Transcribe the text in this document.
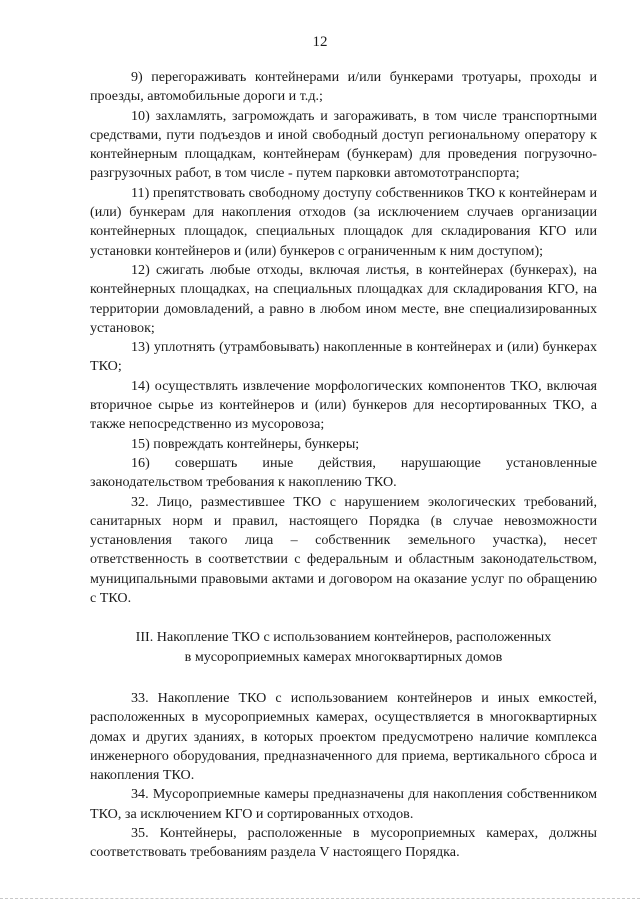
12

9) перегораживать контейнерами и/или бункерами тротуары, проходы и проезды, автомобильные дороги и т.д.;

10) захламлять, загромождать и загораживать, в том числе транспортными средствами, пути подъездов и иной свободный доступ региональному оператору к контейнерным площадкам, контейнерам (бункерам) для проведения погрузочно-разгрузочных работ, в том числе - путем парковки автомототранспорта;

11) препятствовать свободному доступу собственников ТКО к контейнерам и (или) бункерам для накопления отходов (за исключением случаев организации контейнерных площадок, специальных площадок для складирования КГО или установки контейнеров и (или) бункеров с ограниченным к ним доступом);

12) сжигать любые отходы, включая листья, в контейнерах (бункерах), на контейнерных площадках, на специальных площадках для складирования КГО, на территории домовладений, а равно в любом ином месте, вне специализированных установок;

13) уплотнять (утрамбовывать) накопленные в контейнерах и (или) бункерах ТКО;

14) осуществлять извлечение морфологических компонентов ТКО, включая вторичное сырье из контейнеров и (или) бункеров для несортированных ТКО, а также непосредственно из мусоровоза;

15) повреждать контейнеры, бункеры;

16) совершать иные действия, нарушающие установленные законодательством требования к накоплению ТКО.

32. Лицо, разместившее ТКО с нарушением экологических требований, санитарных норм и правил, настоящего Порядка (в случае невозможности установления такого лица – собственник земельного участка), несет ответственность в соответствии с федеральным и областным законодательством, муниципальными правовыми актами и договором на оказание услуг по обращению с ТКО.

III. Накопление ТКО с использованием контейнеров, расположенных
в мусороприемных камерах многоквартирных домов

33. Накопление ТКО с использованием контейнеров и иных емкостей, расположенных в мусороприемных камерах, осуществляется в многоквартирных домах и других зданиях, в которых проектом предусмотрено наличие комплекса инженерного оборудования, предназначенного для приема, вертикального сброса и накопления ТКО.

34. Мусороприемные камеры предназначены для накопления собственником ТКО, за исключением КГО и сортированных отходов.

35. Контейнеры, расположенные в мусороприемных камерах, должны соответствовать требованиям раздела V настоящего Порядка.
